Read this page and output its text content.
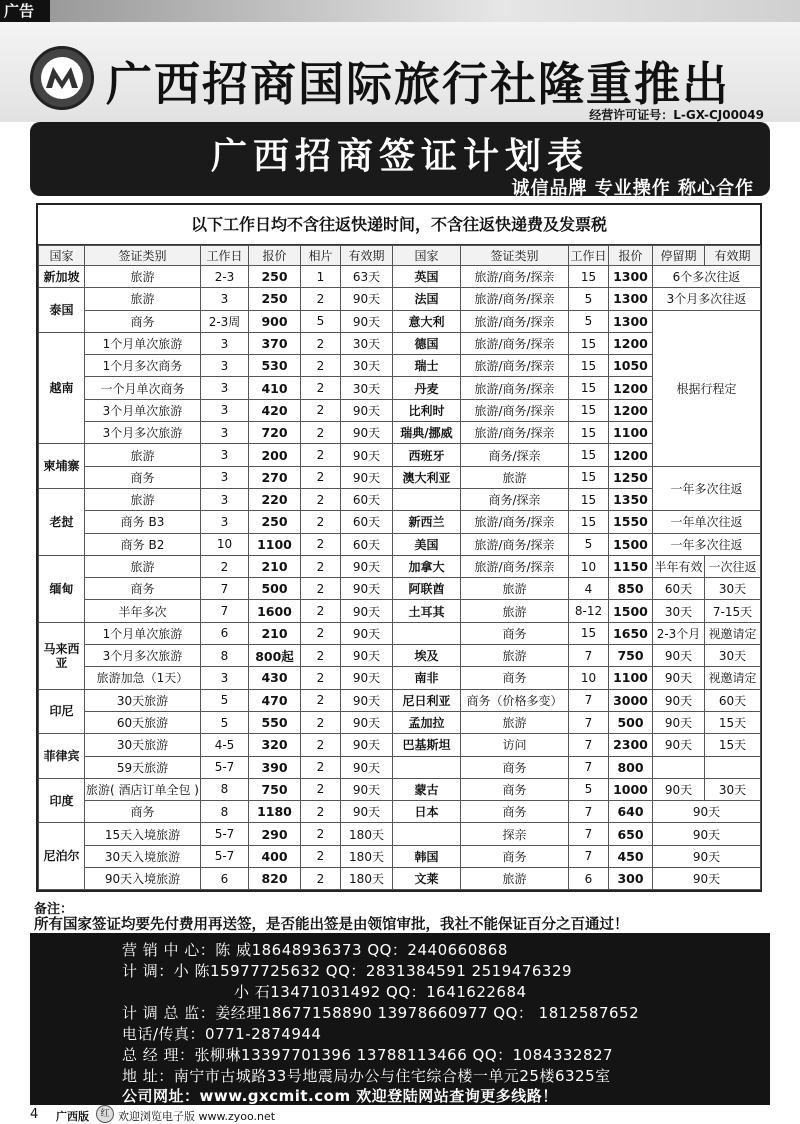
广告
广西招商国际旅行社隆重推出
经营许可证号：L-GX-CJ00049
广西招商签证计划表
诚信品牌 专业操作 称心合作
以下工作日均不含往返快递时间，不含往返快递费及发票税
国家	签证类别	工作日	报价	相片	有效期	国家	签证类别	工作日	报价	停留期	有效期
新加坡	旅游	2-3	250	1	63天	英国	旅游/商务/探亲	15	1300	6个多次往返	
泰国	旅游	3	250	2	90天	法国	旅游/商务/探亲	5	1300	3个月多次往返	
	商务	2-3周	900	5	90天	意大利	旅游/商务/探亲	5	1300	根据行程定	
越南	1个月单次旅游	3	370	2	30天	德国	旅游/商务/探亲	15	1200		
	1个月多次商务	3	530	2	30天	瑞士	旅游/商务/探亲	15	1050		
	一个月单次商务	3	410	2	30天	丹麦	旅游/商务/探亲	15	1200		
	3个月单次旅游	3	420	2	90天	比利时	旅游/商务/探亲	15	1200		
	3个月多次旅游	3	720	2	90天	瑞典/挪威	旅游/商务/探亲	15	1100		
柬埔寨	旅游	3	200	2	90天	西班牙	商务/探亲	15	1200		
	商务	3	270	2	90天	澳大利亚	旅游	15	1250	一年多次往返	
老挝	旅游	3	220	2	60天		商务/探亲	15	1350		
	商务 B3	3	250	2	60天	新西兰	旅游/商务/探亲	15	1550	一年单次往返	
	商务 B2	10	1100	2	60天	美国	旅游/商务/探亲	5	1500	一年多次往返	
缅甸	旅游	2	210	2	90天	加拿大	旅游/商务/探亲	10	1150	半年有效	一次往返
	商务	7	500	2	90天	阿联酋	旅游	4	850	60天	30天
	半年多次	7	1600	2	90天	土耳其	旅游	8-12	1500	30天	7-15天
马来西亚	1个月单次旅游	6	210	2	90天		商务	15	1650	2-3个月	视邀请定
	3个月多次旅游	8	800起	2	90天	埃及	旅游	7	750	90天	30天
	旅游加急（1天）	3	430	2	90天	南非	商务	10	1100	90天	视邀请定
印尼	30天旅游	5	470	2	90天	尼日利亚	商务（价格多变）	7	3000	90天	60天
	60天旅游	5	550	2	90天	孟加拉	旅游	7	500	90天	15天
菲律宾	30天旅游	4-5	320	2	90天	巴基斯坦	访问	7	2300	90天	15天
	59天旅游	5-7	390	2	90天		商务	7	800		
印度	旅游( 酒店订单全包 )	8	750	2	90天	蒙古	商务	5	1000	90天	30天
	商务	8	1180	2	90天	日本	商务	7	640	90天	
尼泊尔	15天入境旅游	5-7	290	2	180天		探亲	7	650	90天	
	30天入境旅游	5-7	400	2	180天	韩国	商务	7	450	90天	
	90天入境旅游	6	820	2	180天	文莱	旅游	6	300	90天	
备注：
所有国家签证均要先付费用再送签，是否能出签是由领馆审批，我社不能保证百分之百通过！
营 销 中 心：陈 威18648936373 QQ：2440660868
计 调：小 陈15977725632 QQ：2831384591 2519476329
小 石13471031492 QQ：1641622684
计 调 总 监：姜经理18677158890 13978660977 QQ： 1812587652
电话/传真：0771-2874944
总 经 理：张柳琳13397701396 13788113466 QQ：1084332827
地 址：南宁市古城路33号地震局办公与住宅综合楼一单元25楼6325室
公司网址：www.gxcmit.com 欢迎登陆网站查询更多线路！
4 广西版	红 欢迎浏览电子版 www.zyoo.net
